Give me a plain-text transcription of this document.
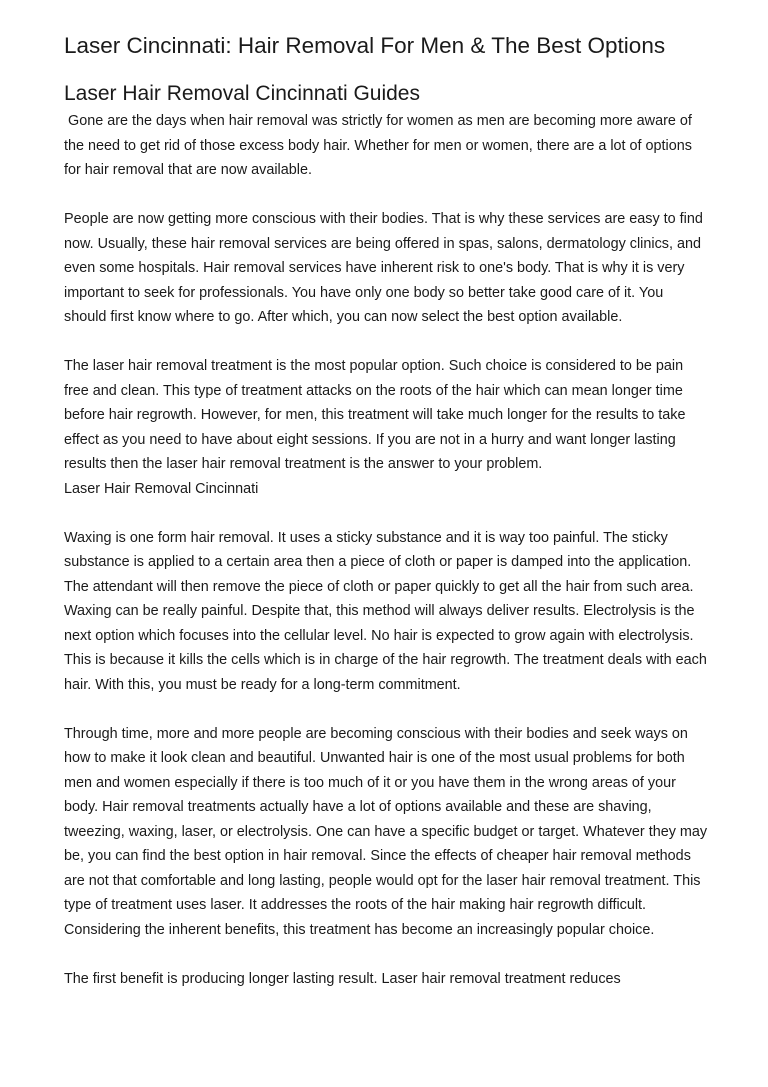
Laser Cincinnati: Hair Removal For Men & The Best Options
Laser Hair Removal Cincinnati Guides

Gone are the days when hair removal was strictly for women as men are becoming more aware of the need to get rid of those excess body hair. Whether for men or women, there are a lot of options for hair removal that are now available.

People are now getting more conscious with their bodies. That is why these services are easy to find now. Usually, these hair removal services are being offered in spas, salons, dermatology clinics, and even some hospitals. Hair removal services have inherent risk to one's body. That is why it is very important to seek for professionals. You have only one body so better take good care of it. You should first know where to go. After which, you can now select the best option available.

The laser hair removal treatment is the most popular option. Such choice is considered to be pain free and clean. This type of treatment attacks on the roots of the hair which can mean longer time before hair regrowth. However, for men, this treatment will take much longer for the results to take effect as you need to have about eight sessions. If you are not in a hurry and want longer lasting results then the laser hair removal treatment is the answer to your problem.

Laser Hair Removal Cincinnati

Waxing is one form hair removal. It uses a sticky substance and it is way too painful. The sticky substance is applied to a certain area then a piece of cloth or paper is damped into the application. The attendant will then remove the piece of cloth or paper quickly to get all the hair from such area. Waxing can be really painful. Despite that, this method will always deliver results. Electrolysis is the next option which focuses into the cellular level. No hair is expected to grow again with electrolysis. This is because it kills the cells which is in charge of the hair regrowth. The treatment deals with each hair. With this, you must be ready for a long-term commitment.

Through time, more and more people are becoming conscious with their bodies and seek ways on how to make it look clean and beautiful. Unwanted hair is one of the most usual problems for both men and women especially if there is too much of it or you have them in the wrong areas of your body. Hair removal treatments actually have a lot of options available and these are shaving, tweezing, waxing, laser, or electrolysis. One can have a specific budget or target. Whatever they may be, you can find the best option in hair removal. Since the effects of cheaper hair removal methods are not that comfortable and long lasting, people would opt for the laser hair removal treatment. This type of treatment uses laser. It addresses the roots of the hair making hair regrowth difficult. Considering the inherent benefits, this treatment has become an increasingly popular choice.

The first benefit is producing longer lasting result. Laser hair removal treatment reduces
